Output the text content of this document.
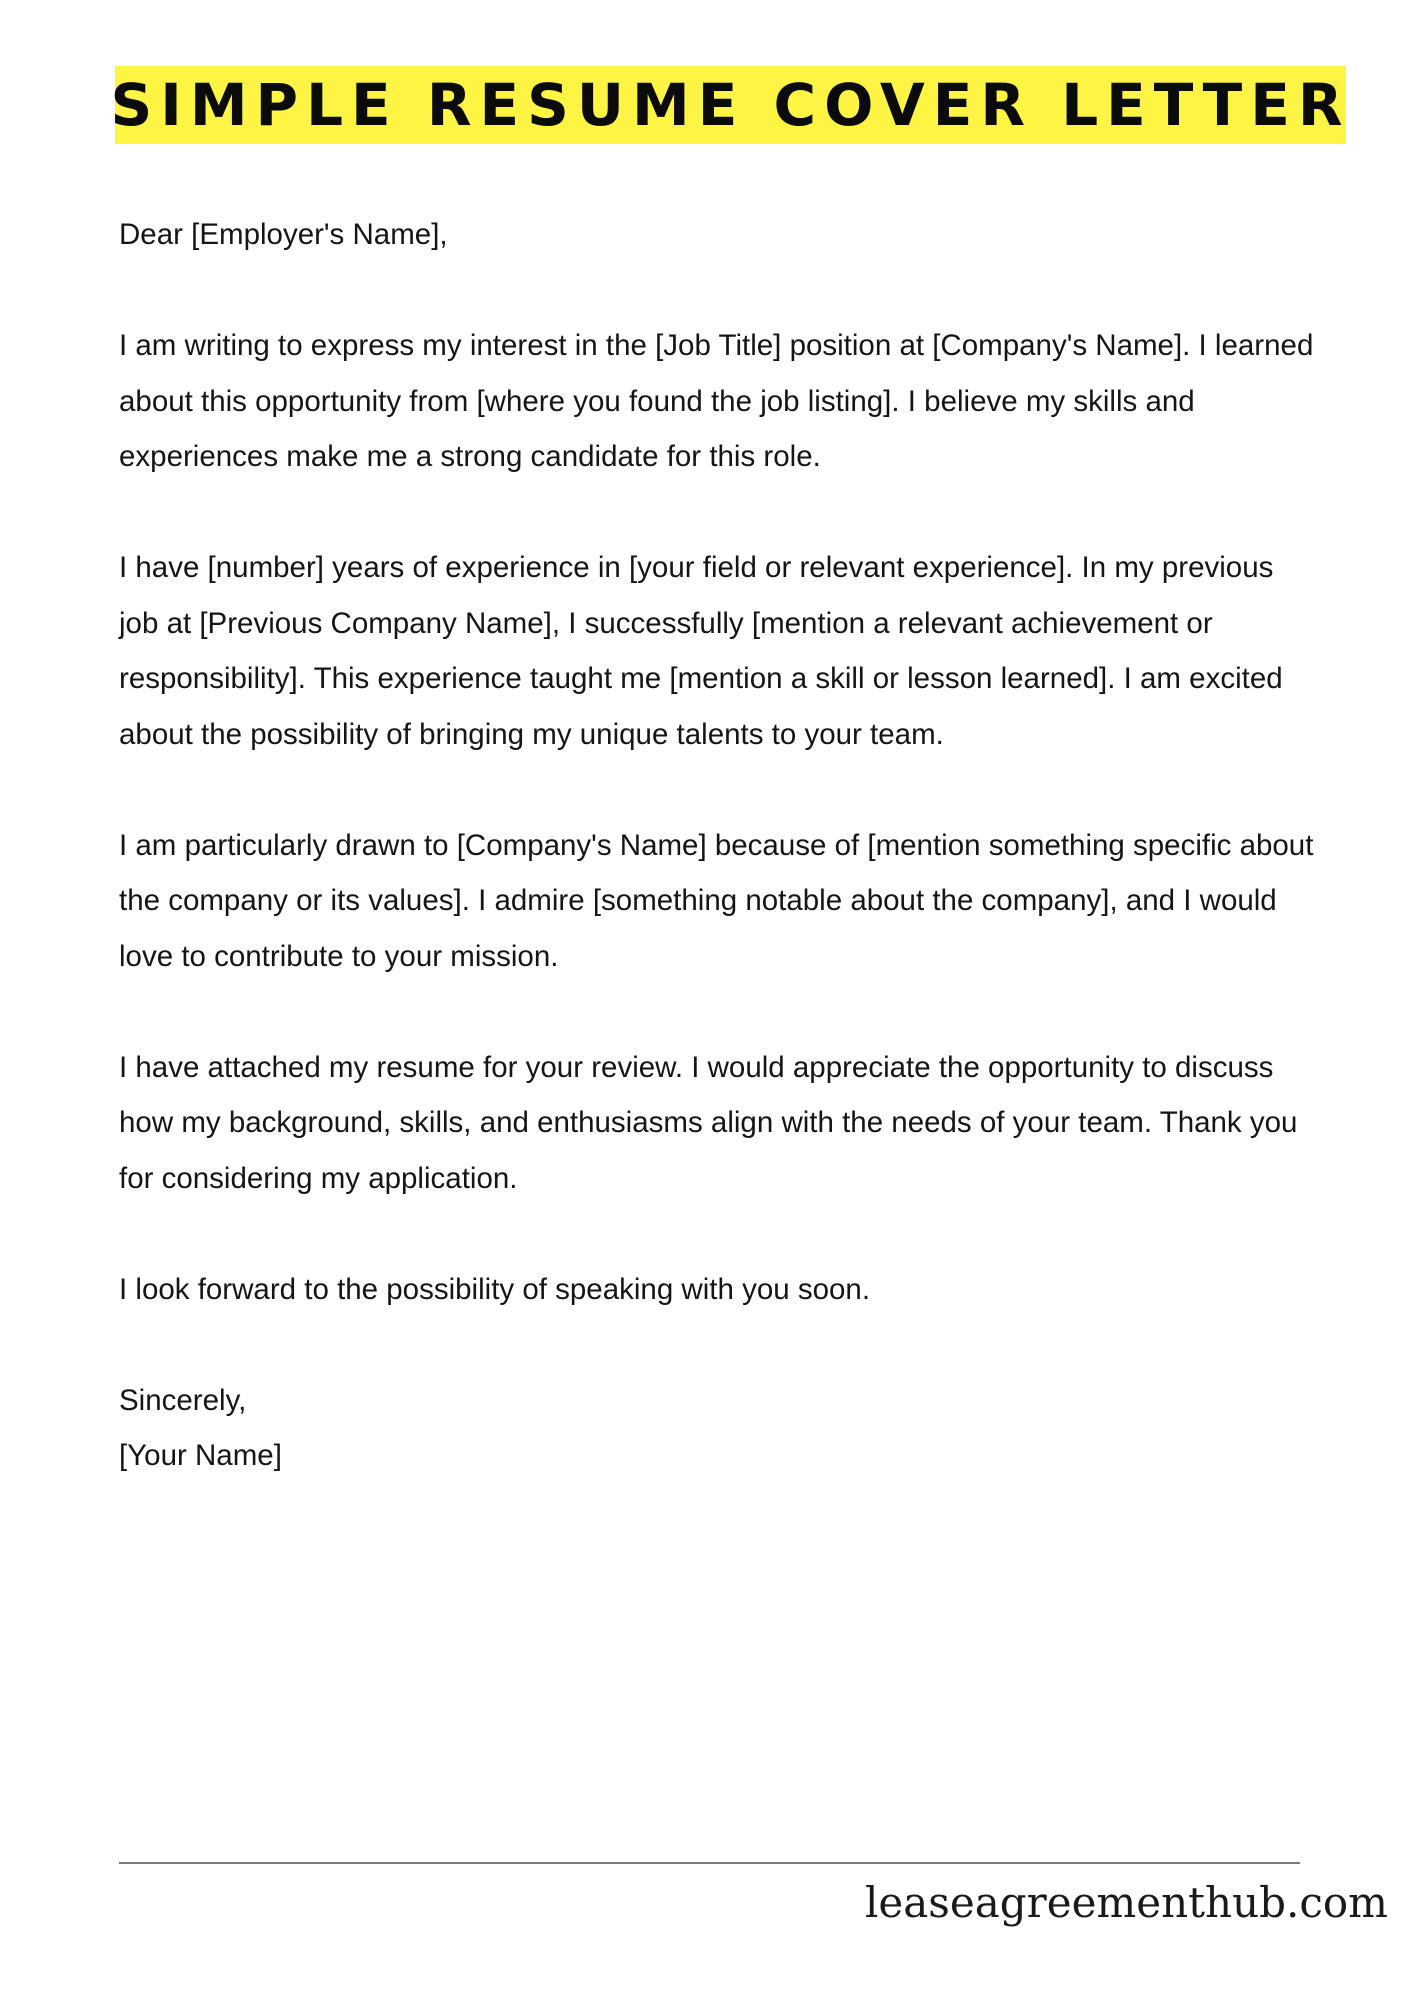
SIMPLE RESUME COVER LETTER

Dear [Employer's Name],

I am writing to express my interest in the [Job Title] position at [Company's Name]. I learned about this opportunity from [where you found the job listing]. I believe my skills and experiences make me a strong candidate for this role.

I have [number] years of experience in [your field or relevant experience]. In my previous job at [Previous Company Name], I successfully [mention a relevant achievement or responsibility]. This experience taught me [mention a skill or lesson learned]. I am excited about the possibility of bringing my unique talents to your team.

I am particularly drawn to [Company's Name] because of [mention something specific about the company or its values]. I admire [something notable about the company], and I would love to contribute to your mission.

I have attached my resume for your review. I would appreciate the opportunity to discuss how my background, skills, and enthusiasms align with the needs of your team. Thank you for considering my application.

I look forward to the possibility of speaking with you soon.

Sincerely,

[Your Name]

leaseagreementhub.com
